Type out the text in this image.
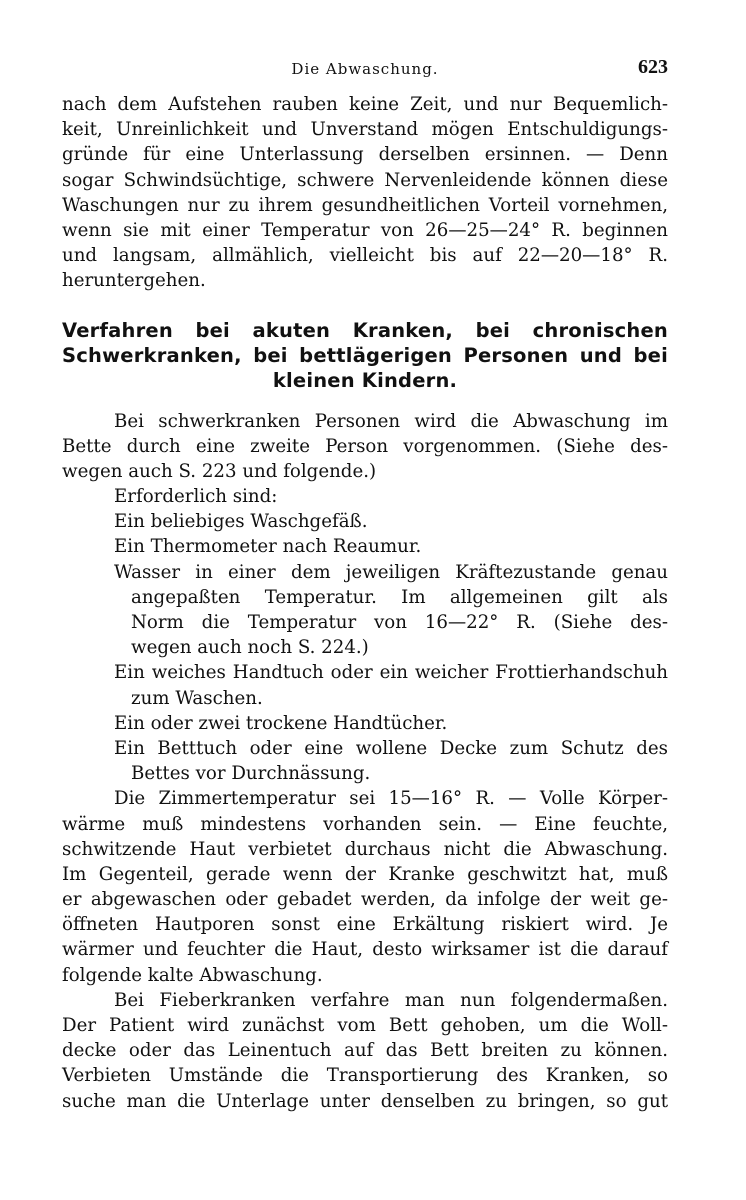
Die Abwaschung.	623
nach dem Aufstehen rauben keine Zeit, und nur Bequemlich-
keit, Unreinlichkeit und Unverstand mögen Entschuldigungs-
gründe für eine Unterlassung derselben ersinnen. — Denn
sogar Schwindsüchtige, schwere Nervenleidende können diese
Waschungen nur zu ihrem gesundheitlichen Vorteil vornehmen,
wenn sie mit einer Temperatur von 26—25—24° R. beginnen
und langsam, allmählich, vielleicht bis auf 22—20—18° R.
heruntergehen.
Verfahren bei akuten Kranken, bei chronischen
Schwerkranken, bei bettlägerigen Personen und bei
kleinen Kindern.
Bei schwerkranken Personen wird die Abwaschung im
Bette durch eine zweite Person vorgenommen. (Siehe des-
wegen auch S. 223 und folgende.)
Erforderlich sind:
Ein beliebiges Waschgefäß.
Ein Thermometer nach Reaumur.
Wasser in einer dem jeweiligen Kräftezustande genau
angepaßten Temperatur. Im allgemeinen gilt als
Norm die Temperatur von 16—22° R. (Siehe des-
wegen auch noch S. 224.)
Ein weiches Handtuch oder ein weicher Frottierhandschuh
zum Waschen.
Ein oder zwei trockene Handtücher.
Ein Betttuch oder eine wollene Decke zum Schutz des
Bettes vor Durchnässung.
Die Zimmertemperatur sei 15—16° R. — Volle Körper-
wärme muß mindestens vorhanden sein. — Eine feuchte,
schwitzende Haut verbietet durchaus nicht die Abwaschung.
Im Gegenteil, gerade wenn der Kranke geschwitzt hat, muß
er abgewaschen oder gebadet werden, da infolge der weit ge-
öffneten Hautporen sonst eine Erkältung riskiert wird. Je
wärmer und feuchter die Haut, desto wirksamer ist die darauf
folgende kalte Abwaschung.
Bei Fieberkranken verfahre man nun folgendermaßen.
Der Patient wird zunächst vom Bett gehoben, um die Woll-
decke oder das Leinentuch auf das Bett breiten zu können.
Verbieten Umstände die Transportierung des Kranken, so
suche man die Unterlage unter denselben zu bringen, so gut
